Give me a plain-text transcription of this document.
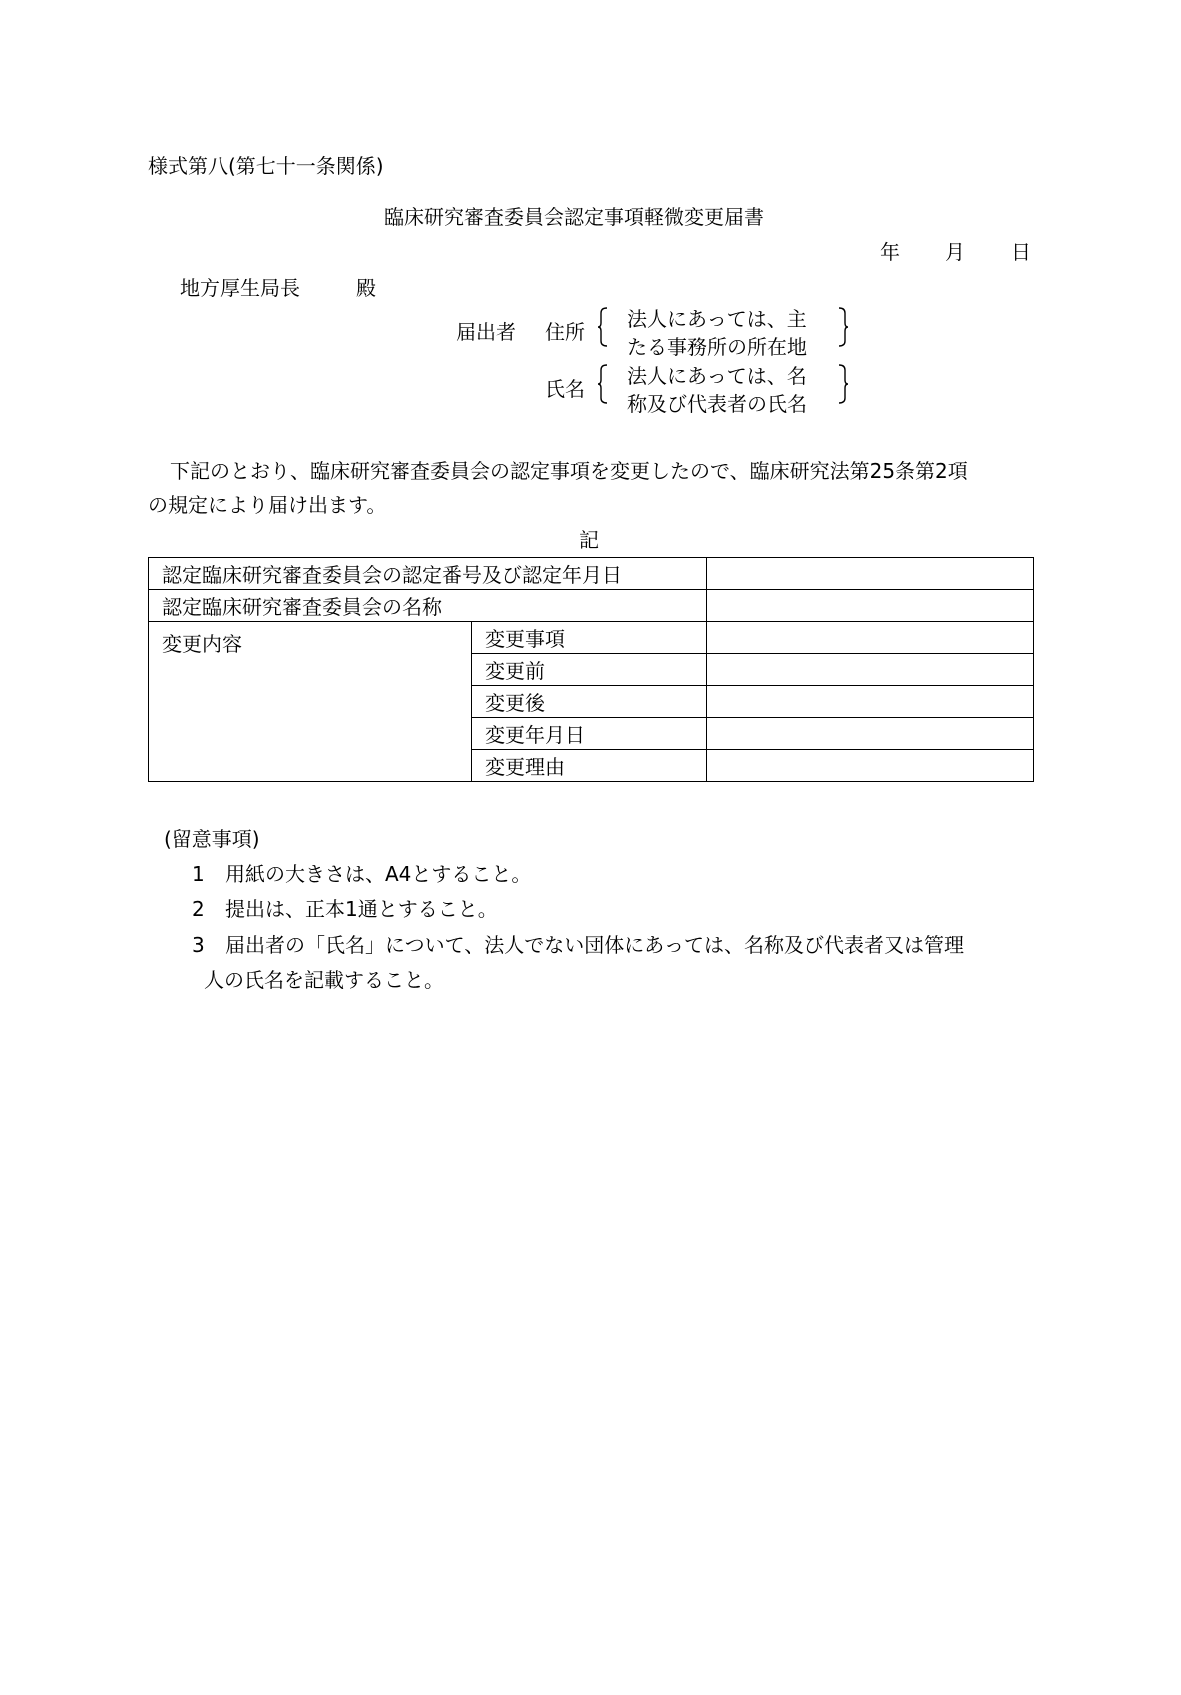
様式第八(第七十一条関係)
臨床研究審査委員会認定事項軽微変更届書
年 月 日
地方厚生局長	殿
届出者 住所
法人にあっては、主
たる事務所の所在地
氏名
法人にあっては、名
称及び代表者の氏名
下記のとおり、臨床研究審査委員会の認定事項を変更したので、臨床研究法第25条第2項
の規定により届け出ます。
記
認定臨床研究審査委員会の認定番号及び認定年月日		
認定臨床研究審査委員会の名称		
変更内容	変更事項	
	変更前	
	変更後	
	変更年月日	
	変更理由	
(留意事項)
1 用紙の大きさは、A4とすること。
2 提出は、正本1通とすること。
3 届出者の「氏名」について、法人でない団体にあっては、名称及び代表者又は管理
人の氏名を記載すること。
